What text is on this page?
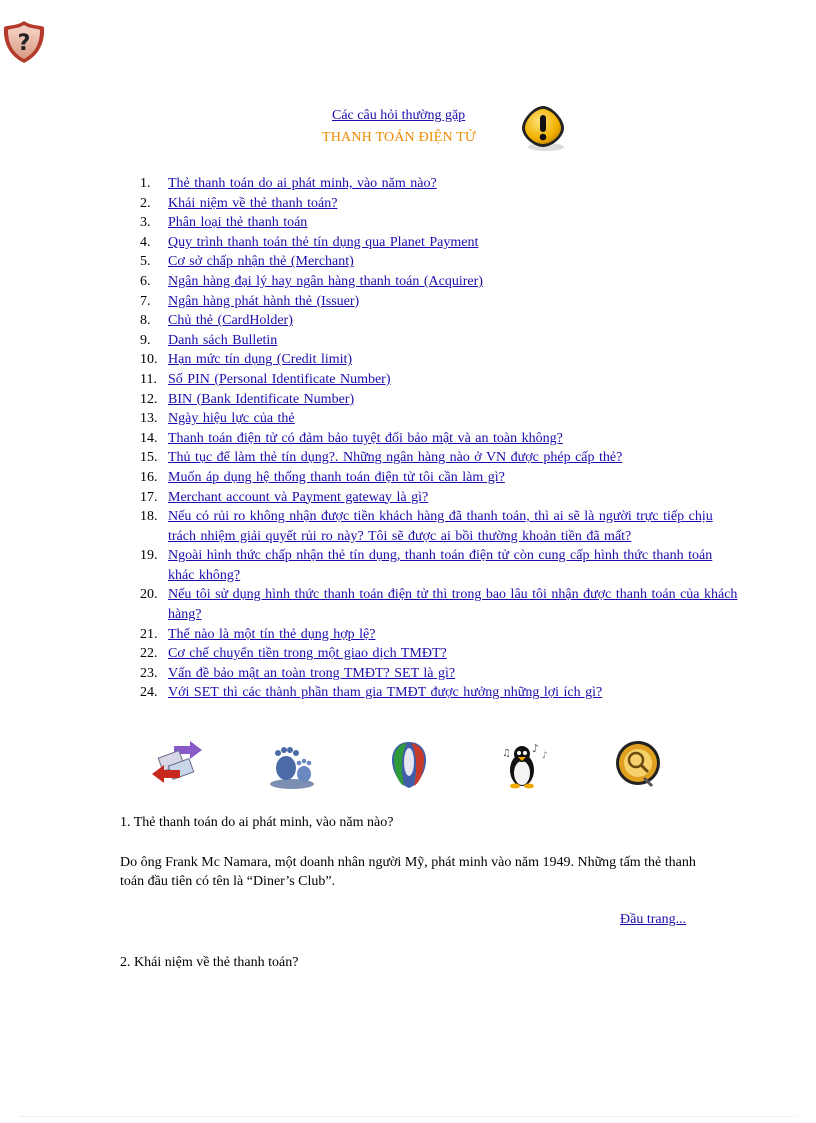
?
Các câu hỏi thường gặp
THANH TOÁN ĐIỆN TỬ
1. Thẻ thanh toán do ai phát minh, vào năm nào?
2. Khái niệm về thẻ thanh toán?
3. Phân loại thẻ thanh toán
4. Quy trình thanh toán thẻ tín dụng qua Planet Payment
5. Cơ sở chấp nhận thẻ (Merchant)
6. Ngân hàng đại lý hay ngân hàng thanh toán (Acquirer)
7. Ngân hàng phát hành thẻ (Issuer)
8. Chủ thẻ (CardHolder)
9. Danh sách Bulletin
10. Hạn mức tín dụng (Credit limit)
11. Số PIN (Personal Identificate Number)
12. BIN (Bank Identificate Number)
13. Ngày hiệu lực của thẻ
14. Thanh toán điện tử có đảm bảo tuyệt đối bảo mật và an toàn không?
15. Thủ tục để làm thẻ tín dụng?. Những ngân hàng nào ở VN được phép cấp thẻ?
16. Muốn áp dụng hệ thống thanh toán điện tử tôi cần làm gì?
17. Merchant account và Payment gateway là gì?
18. Nếu có rủi ro không nhận được tiền khách hàng đã thanh toán, thì ai sẽ là người trực tiếp chịu trách nhiệm giải quyết rủi ro này? Tôi sẽ được ai bồi thường khoản tiền đã mất?
19. Ngoài hình thức chấp nhận thẻ tín dụng, thanh toán điện tử còn cung cấp hình thức thanh toán khác không?
20. Nếu tôi sử dụng hình thức thanh toán điện tử thì trong bao lâu tôi nhận được thanh toán của khách hàng?
21. Thế nào là một tín thẻ dụng hợp lệ?
22. Cơ chế chuyển tiền trong một giao dịch TMĐT?
23. Vấn đề bảo mật an toàn trong TMĐT? SET là gì?
24. Với SET thì các thành phần tham gia TMĐT được hưởng những lợi ích gì?
♪
♫	♪
1. Thẻ thanh toán do ai phát minh, vào năm nào?
Do ông Frank Mc Namara, một doanh nhân người Mỹ, phát minh vào năm 1949. Những tấm thẻ thanh toán đầu tiên có tên là “Diner’s Club”.
Đầu trang...
2. Khái niệm về thẻ thanh toán?
